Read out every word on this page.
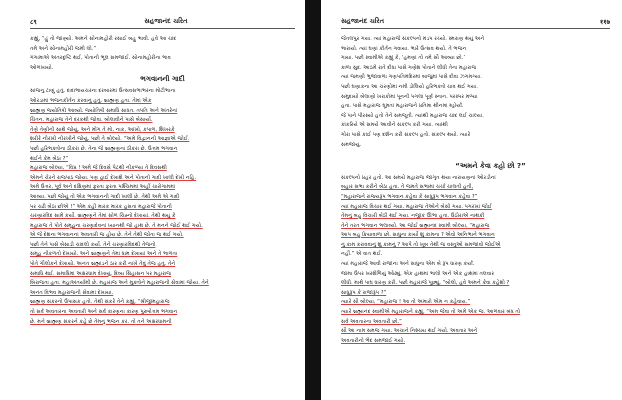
८९	સહજાનંદ ચરિત
કહ્યું, “હું તો જાણ્યો. અમને સોનામહોરી રસાઈ બહુ ભાવી. હવે આ ચાંદ
તમે અને સોનામહોરી જમી લો.”
ગંગામાએ અંતરદૃષ્ટિ થઈ, પોતાની ભૂલ સમજાઈ. સોનામહોરીના ભાવ
ઓળખાયો.
ભગવાનની ગાદી
સાંજનુ ટાણું હતું. દાદાભાયચરના દરબારમાં ઉત્સવસભાભરના મોટીભાના
ઓરડામાં ભજનકીર્તન કરવાનું હતું. બ્રાહ્મણ હતા. તેમાં એક
બ્રાહ્મણ જ્યોતિષી આવ્યો. જ્યોતિષી સમાધિ સાધત. તપતિ અને અંતરેનાં
ચિંતન. મહારાજ તેને દરકથી જોવા. બોલાવીને પાસે બેસાર્યો.
તેણે તેણીની સાથે જોયું. અને મોંગ તે મો, નાક, આંખો, કપાળ, શિખરકે
શરીરે નીરખી નીરખીને જોયું. પછી તે બોલ્યો. “અમે વિદ્વાનની આજ્ઞાએ જોઈ.
પછી હરિભક્તોના ઠીકરા છે. તેના જે બ્રાહ્મણના ઠીકરા છે. ઉત્તમ ભગવાન
થઈને કેમ બેઠા ?”
મહારાજ બોલ્યા, “વિપ્ર ! અમે જે દિવસે પેટથી નીકળ્યા તે દિવસથી
એમને ચેરને રાજપાઠ જોયા. પણ હાઈ દેખાશે અને પોતાની ગાદી ખાલી દેખી નહિ.
અમે ઉત્તર, પૂર્વ અને દક્ષિણમાં ફરતા ફરતા પશ્ચિમમાં અહીં ચારોગામમાં
આવ્યા. પછી જોયું તો એક ભગવાનની ગાદી ખાલી છે. તેથી અમે એ ગાદી
પર ચઢી બેઠા છીએ !” એમ કહી મારક મારક હસતા મહારાજે પોતાની
ચરણારવિંદ સામે કર્યો. બ્રાહ્મણને તેમાં સોળ ચિહ્નો દેખાયાં. તેથી થયું કે
મહારાજ તે પોતે સમૂહના ચરણાદેવનાં ધ્યાનથી જો હાથ છે. તે મનને જોઈ થઈ ગયો.
એ જે દેશના ભગવાનનાં અવતારી જ હોય છે. તેને તેથી જોતા જ થઈ ગયો.
પછી તેને પાસે બેસાડી ચાંદલો કર્યો. તેને ચરણારવિંદથી તેજનો
સમૂહ નીકળતો દેખાયો. અને બ્રાહ્મણને તેમાં ધામ દેખાયાં અને તે ભાળતા
પોતે ગૌલોકને દેખાયો. અનંત બ્રહ્માંડને ઠાર કરી નાખે તેવું તેજ હતું. તેને
સમાધિ થઈ. સમાધિમાં અક્ષરધામ દેખાયું. દિવ્ય સિંહાસન પર મહારાજ
બિરાજતા હતા. મહાઅંતર્યામી છે. મહારાજ અને મુક્તોને મહારાજની સેવામાં જોયા. તેને
અનંત વિભવ મહારાજની સેવામાં દેખાયા.
બ્રાહ્મણ સંકરનો ઉપાસક હતો. તેથી સંકરે તેને કહ્યું, “શ્રીજીમહારાજ
તો સર્વ અવતારના અવતારી અને સર્વ કારણના કારણ પુરુષોત્તમ ભગવાન
છે. મને બ્રાહ્મણ સંકરને કહે છે તેમનું ભજન કર. તો તને અક્ષરધામની
સહજાનંદ ચરિત	११७
જેતલપુર ગયા. ત્યાં મહારાજે સંકલ્પનો મંડપ રચ્યો. સ્મરાણ થયું અને
ભારાયો. ત્યાં ઘણાં કીર્તન ગવાયા. ભારે ઉત્સવ થયો. તે ભજન
ગાયા. પછી સ્વામીએ કહ્યું કે, ‘હમણાં તો તમે સૌ આવ્યા છો.’
કાળા સુદ. આઠમે રાતે દીધા પાસે ગણેશ પોતાને લીધી તેના મહારાજ
ત્યાં જમણી ભુજાવાળા ગણપતિમંદિરમાં બાજુમાં પાસે દીવા ઝગમગ્યા.
પછી ઘણાકના આ ચરણોમાં નમી ડોલિયો હરિભક્તો ચાવ થઈ ગયા.
સમુદાયો બેલાણો ખરાકોમાં પૂનની પગલાં પૂર્ણ સ્નાન. પરસ્પર મળ્યા
હતા. પાસે મહારાજ ઘૂમતાં મહારાજને પ્રતિમા થીનમાં મ્હોર્યાં.
જે પાને પીરસ્યો હતો તેને સમજૂતી. ત્યાંથી મહારાજ ચાંદ લઈ ચાલ્યા.
કાંકરિયે એ સમયે આવીને સંકલ્પ કરી ગયા. ત્યાંથી
ગોરા પાસે કાંઈ પણ દર્શન કરી સંકલ્પ હતો. સંકલ્પ થયો. ત્યારે
સમજાયું.
“અમને કેવા કહો છો ?”
સંકલ્પનો પ્રહર હતો. આ સમયે મહારાજ જાગૃત થયા નારાયણનાં ઓરડીનાં
બહાર સભા કરીને બેઠા હતા. તે જમતે સભામાં ચર્ચા ચાલતી હતી,
“મહારાજને રાજ્યરૂપ ભગવાન કહેવા કે સાધુરૂપ ભગવાન કહેવા ?”
ત્યાં મહારાજ વિચાર થઈ ગયા. મહારાજ તેઓને બેસી ગયા. પગરખાં જોઈ
તેમનું બહુ વિચારી બેઠી થઈ ગયા. નજીક ઊભા હતા. ઉઠોરાએ નાથકી
તેને તરત ભગવાન ભલાવ્યો. આ જોઈ બ્રહ્માનંદ સ્વામી બોલ્યા, “મહારાજ
આપ બહુ ક્રિયાવાળા છો. સાધુના કાર્યો શું કામના ? એવો અનિભાને ભગવાન
નું કામ કરાવવાનું શું કામનું ? આપે તો ખૂબ તેથી જ વસ્તુઓ સમજાવો જોઈએ
નહીં.” એ વાત થઈ.
ત્યાં મહારાજે આવી રાજાના અને સાધુના એમ બે રૂપ ધારણ કર્યાં.
જામા ઉપર ખરશેળિયું ઓઢ્યું. એક હાથમાં ભાલો અને એક હાથમાં તલવાર
લીધી. માથે પાઘ ધારણ કરી. પછી મહારાજે પૂછ્યું, “બોલો, હવે અમને કેવા કહેશો ?
સાધુરૂપ કે રાજારૂપ ?”
ત્યારે સૌ બોલ્યા, “મહારાજ ! આ તો અમારો એમ ન કહેવાય.”
ત્યારે બ્રહ્માનંદ સ્વામીએ મહારાજને કહ્યું, “અમ જેવા તો અમે એક જ. આળવાર બંધ તો
સર્વ અવતારના અવતારી છો.”
સૌ આ નામ સમજ ગયા. અચાને નિશ્ચય થઈ ગયો. અવતાર અને
અવતારીનો ભેદ સમજાઈ ગયો.
